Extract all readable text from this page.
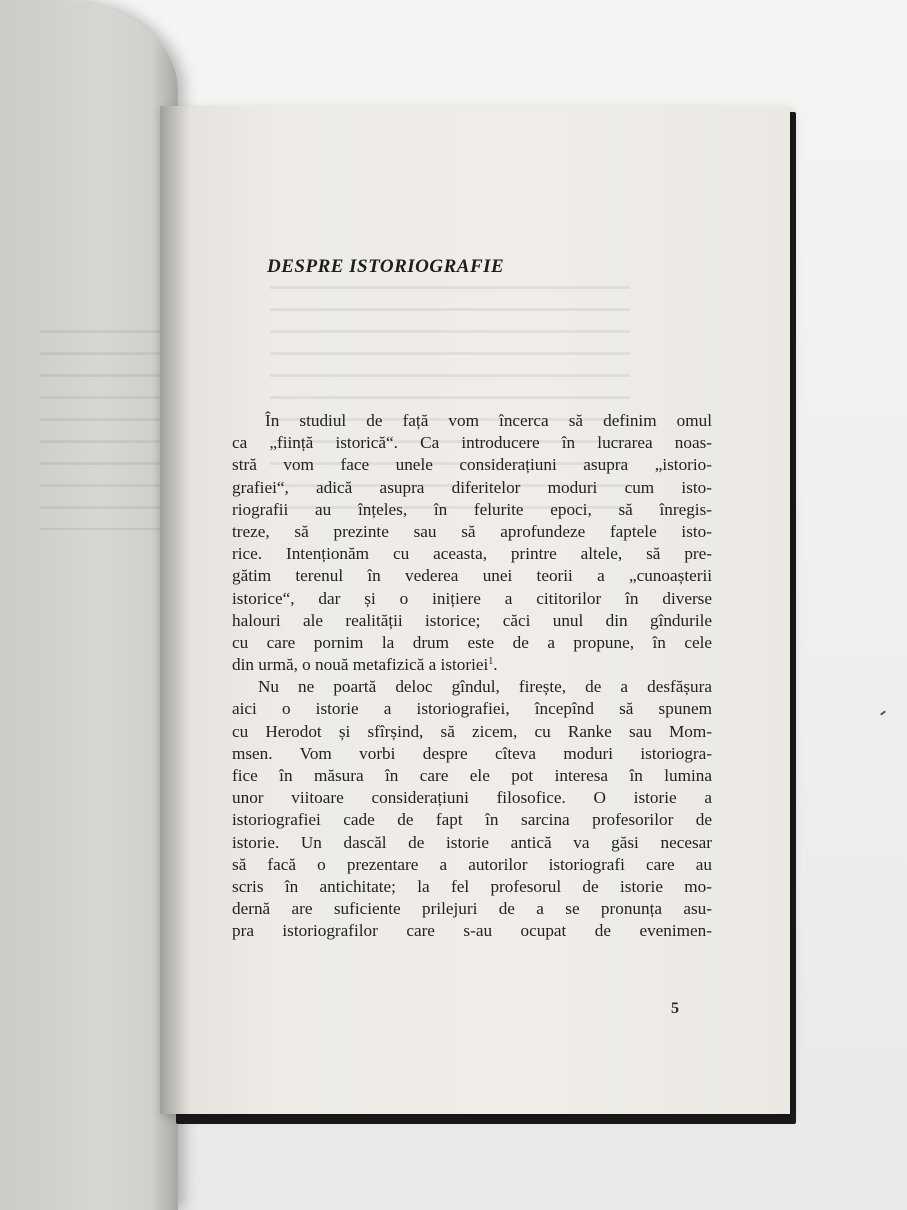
DESPRE ISTORIOGRAFIE
În studiul de față vom încerca să definim omul
ca „ființă istorică“. Ca introducere în lucrarea noas-
stră vom face unele considerațiuni asupra „istorio-
grafiei“, adică asupra diferitelor moduri cum isto-
riografii au înțeles, în felurite epoci, să înregis-
treze, să prezinte sau să aprofundeze faptele isto-
rice. Intenționăm cu aceasta, printre altele, să pre-
gătim terenul în vederea unei teorii a „cunoașterii
istorice“, dar și o inițiere a cititorilor în diverse
halouri ale realității istorice; căci unul din gîndurile
cu care pornim la drum este de a propune, în cele
din urmă, o nouă metafizică a istoriei$^1$.
Nu ne poartă deloc gîndul, firește, de a desfășura
aici o istorie a istoriografiei, începînd să spunem
cu Herodot și sfîrșind, să zicem, cu Ranke sau Mom-
msen. Vom vorbi despre cîteva moduri istoriogra-
fice în măsura în care ele pot interesa în lumina
unor viitoare considerațiuni filosofice. O istorie a
istoriografiei cade de fapt în sarcina profesorilor de
istorie. Un dascăl de istorie antică va găsi necesar
să facă o prezentare a autorilor istoriografi care au
scris în antichitate; la fel profesorul de istorie mo-
dernă are suficiente prilejuri de a se pronunța asu-
pra istoriografilor care s-au ocupat de evenimen-
5
